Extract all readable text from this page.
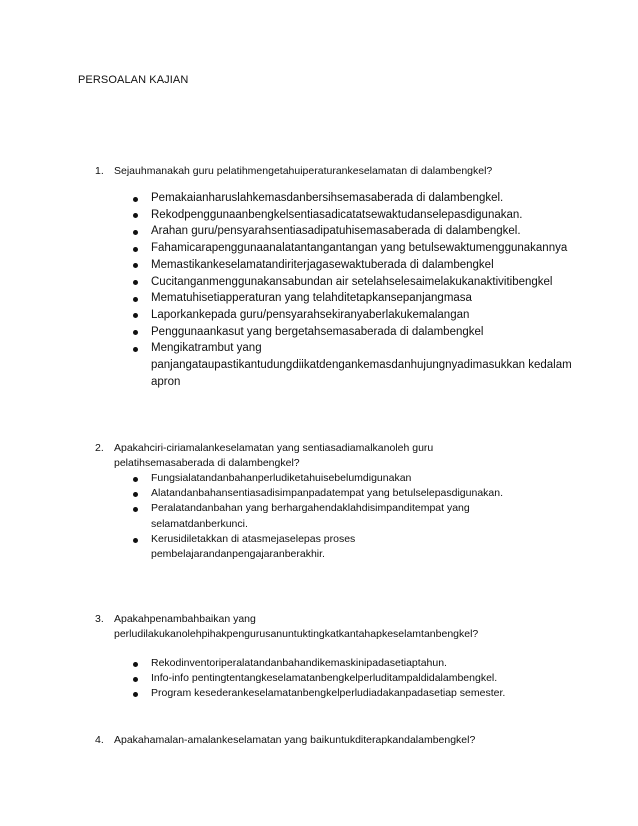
PERSOALAN KAJIAN
1. Sejauhmanakah guru pelatihmengetahuiperaturankeselamatan di dalambengkel?
Pemakaianharuslahkemasdanbersihsemasaberada di dalambengkel.
Rekodpenggunaanbengkelsentiasadicatatsewaktudanselepasdigunakan.
Arahan guru/pensyarahsentiasadipatuhisemasaberada di dalambengkel.
Fahamicarapenggunaanalatantangantangan yang betulsewaktumenggunakannya
Memastikankeselamatandiriterjagasewaktuberada di dalambengkel
Cucitanganmenggunakansabundan air setelahselesaimelakukanaktivitibengkel
Mematuhisetiapperaturan yang telahditetapkansepanjangmasa
Laporkankepada guru/pensyarahsekiranyaberlakukemalangan
Penggunaankasut yang bergetahsemasaberada di dalambengkel
Mengikatrambut yang panjangataupastikantudungdiikatdengankemasdanhujungnyadimasukkan kedalam apron
2. Apakahciri-ciriamalankeselamatan yang sentiasadiamalkanoleh guru pelatihsemasaberada di dalambengkel?
Fungsialatandanbahanperludiketahuisebelumdigunakan
Alatandanbahansentiasadisimpanpadatempat yang betulselepasdigunakan.
Peralatandanbahan yang berhargahendaklahdisimpanditempat yang selamatdanberkunci.
Kerusidiletakkan di atasmejaselepas proses pembelajarandanpengajaranberakhir.
3. Apakahpenambahbaikan yang perludilakukanolehpihakpengurusanuntuktingkatkantahapkeselamtanbengkel?
Rekodinventoriperalatandanbahandikemaskinipadasetiaptahun.
Info-info pentingtentangkeselamatanbengkelperluditampaldidalambengkel.
Program kesederankeselamatanbengkelperludiadakanpadasetiap semester.
4. Apakahamalan-amalankeselamatan yang baikuntukditerapkandalambengkel?
